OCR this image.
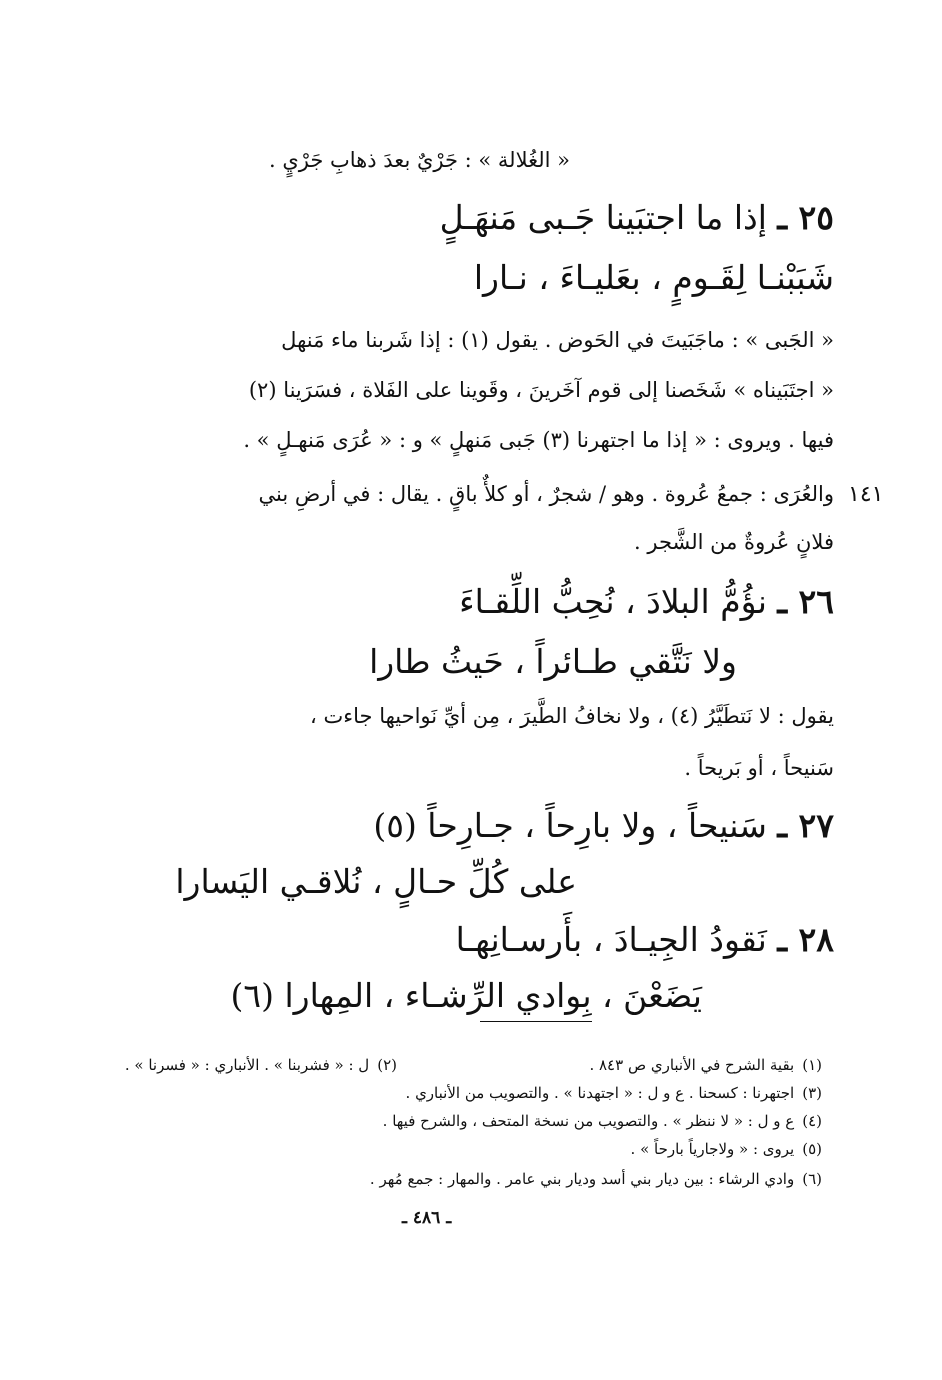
« الغُلالة » : جَرْيٌ بعدَ ذهابِ جَرْيٍ .
٢٥ ـ إذا ما اجتبَينا جَـبى مَنهَـلٍ
شَبَبْنـا لِقَـومٍ ، بعَليـاءَ ، نـارا
« الجَبى » : ماجَبَيتَ في الحَوض . يقول (١) : إذا شَربنا ماء مَنهل
« اجتَبَيناه » شَخَصنا إلى قوم آخَرينَ ، وقَوينا على الفَلاة ، فسَرَينا (٢)
فيها . ويروى : « إذا ما اجتهرنا (٣) جَبى مَنهلٍ » و : « عُرَى مَنهـلٍ » .
والعُرَى : جمعُ عُروة . وهو / شجرٌ ، أو كلأٌ باقٍ . يقال : في أرضِ بني
فلانٍ عُروةٌ من الشَّجر .
١٤١
٢٦ ـ نؤُمُّ البلادَ ، نُحِبُّ اللِّقـاءَ
ولا نَتَّقي طـائراً ، حَيثُ طارا
يقول : لا نَتطَيَّرُ (٤) ، ولا نخافُ الطَّيرَ ، مِن أيِّ نَواحيها جاءت ،
سَنيحاً ، أو بَريحاً .
٢٧ ـ سَنيحاً ، ولا بارِحاً ، جـارِحاً (٥)
على كُلِّ حـالٍ ، نُلاقـي اليَسارا
٢٨ ـ نَقودُ الجِيـادَ ، بأَرسـانِهـا
يَضَعْنَ ، بِوادي الرِّشـاء ، المِهارا (٦)
(١)بقية الشرح في الأنباري ص ٨٤٣ .
(٢)ل : « فشربنا » . الأنباري : « فسرنا » .
(٣)اجتهرنا : كسحنا . ع و ل : « اجتهدنا » . والتصويب من الأنباري .
(٤)ع و ل : « لا ننظر » . والتصويب من نسخة المتحف ، والشرح فيها .
(٥)يروى : « ولاجارياً بارحاً » .
(٦)وادي الرشاء : بين ديار بني أسد وديار بني عامر . والمهار : جمع مُهر .
ـ ٤٨٦ ـ
